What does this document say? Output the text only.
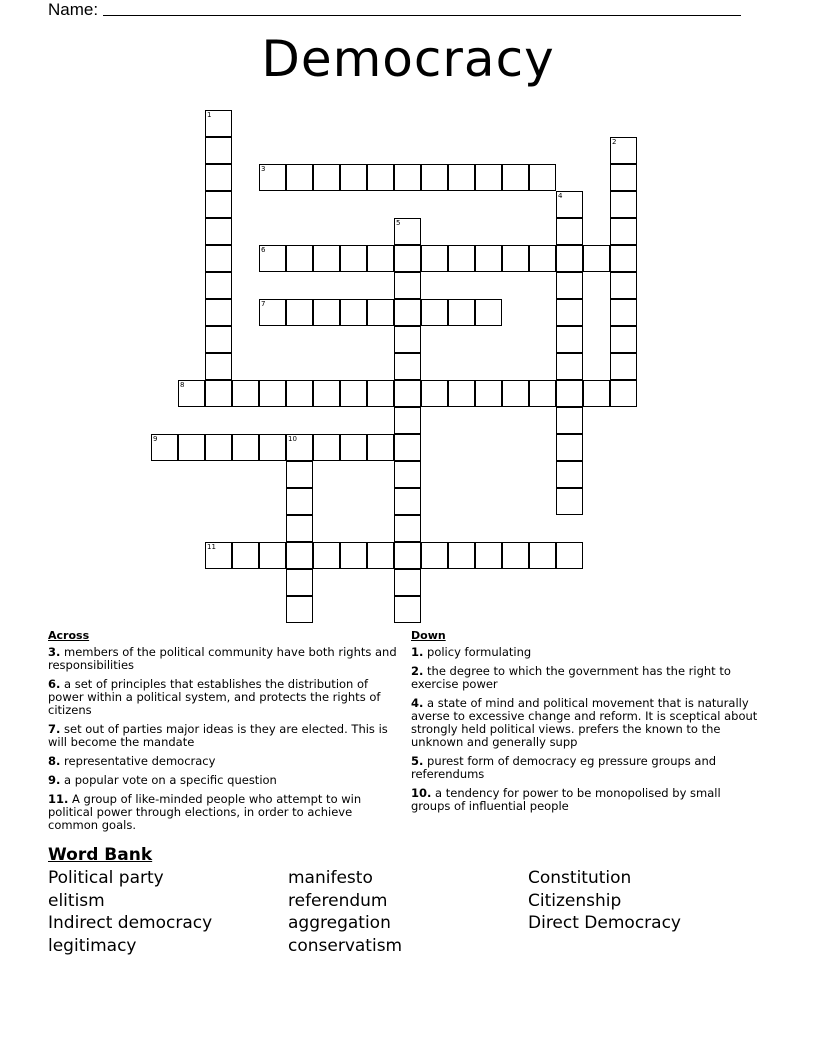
Name:
Democracy
1
2
3
4
5
6
7
8
9	10
11
Across
3. members of the political community have both rights and responsibilities
6. a set of principles that establishes the distribution of power within a political system, and protects the rights of citizens
7. set out of parties major ideas is they are elected. This is will become the mandate
8. representative democracy
9. a popular vote on a specific question
11. A group of like-minded people who attempt to win political power through elections, in order to achieve common goals.
Down
1. policy formulating
2. the degree to which the government has the right to exercise power
4. a state of mind and political movement that is naturally averse to excessive change and reform. It is sceptical about strongly held political views. prefers the known to the unknown and generally supp
5. purest form of democracy eg pressure groups and referendums
10. a tendency for power to be monopolised by small groups of influential people
Word Bank
Political party
elitism
Indirect democracy
legitimacy
manifesto
referendum
aggregation
conservatism
Constitution
Citizenship
Direct Democracy
